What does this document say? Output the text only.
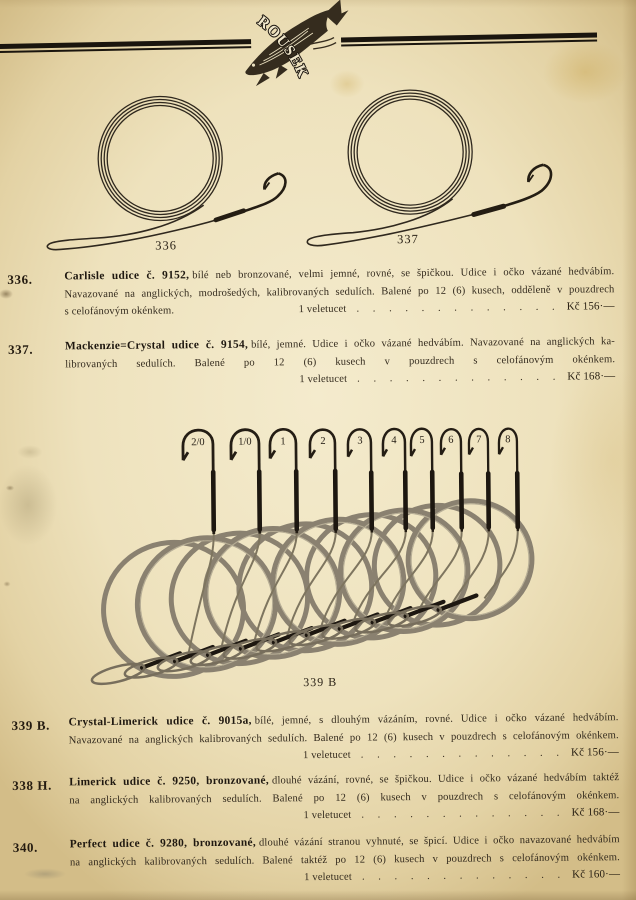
ROUSEK
336	337
336.	Carlisle udice č. 9152, bílé neb bronzované, velmi jemné, rovné, se špičkou. Udice i očko vázané hedvábím.
Navazované na anglických, modrošedých, kalibrovaných sedulích. Balené po 12 (6) kusech, odděleně v pouzdrech
s celofánovým okénkem.	1 veletucet . . . . . . . . . . . . . Kč 156·—
337.	Mackenzie=Crystal udice č. 9154, bílé, jemné. Udice i očko vázané hedvábím. Navazované na anglických ka-
librovaných sedulích. Balené po 12 (6) kusech v pouzdrech s celofánovým okénkem.
1 veletucet . . . . . . . . . . . . . Kč 168·—
2/0	1/0	1	2	3	4 5 6 7 8
339 B
339 B.	Crystal-Limerick udice č. 9015a, bílé, jemné, s dlouhým vázáním, rovné. Udice i očko vázané hedvábím.
Navazované na anglických kalibrovaných sedulích. Balené po 12 (6) kusech v pouzdrech s celofánovým okénkem.
1 veletucet . . . . . . . . . . . . . Kč 156·—
338 H.	Limerick udice č. 9250, bronzované, dlouhé vázání, rovné, se špičkou. Udice i očko vázané hedvábím taktéž
na anglických kalibrovaných sedulích. Balené po 12 (6) kusech v pouzdrech s celofánovým okénkem.
1 veletucet . . . . . . . . . . . . . Kč 168·—
340.	Perfect udice č. 9280, bronzované, dlouhé vázání stranou vyhnuté, se špicí. Udice i očko navazované hedvábím
na anglických kalibrovaných sedulích. Balené taktéž po 12 (6) kusech v pouzdrech s celofánovým okénkem.
1 veletucet . . . . . . . . . . . . . Kč 160·—
